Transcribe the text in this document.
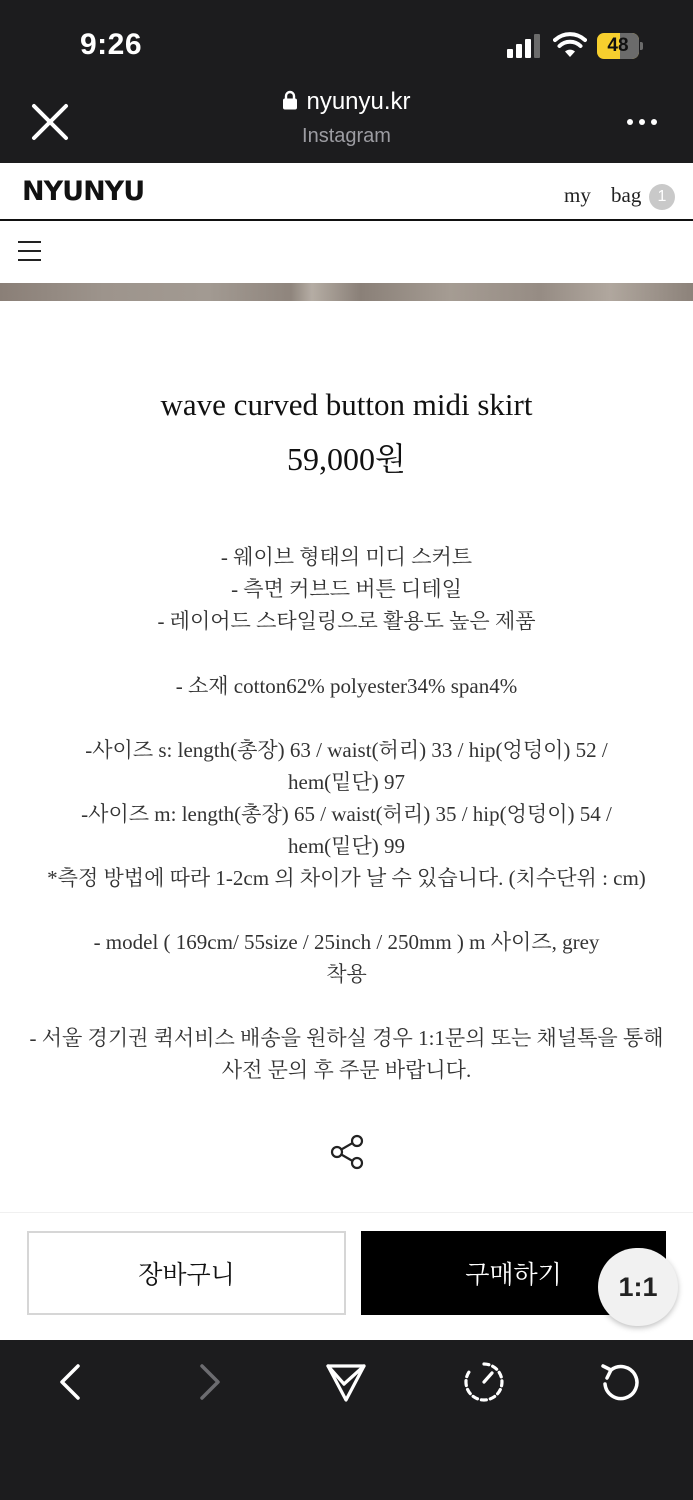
9:26	48
nyunyu.kr
Instagram
NYUNYU	my bag	1
wave curved button midi skirt
59,000원
- 웨이브 형태의 미디 스커트
- 측면 커브드 버튼 디테일
- 레이어드 스타일링으로 활용도 높은 제품
- 소재 cotton62% polyester34% span4%
-사이즈 s: length(총장) 63 / waist(허리) 33 / hip(엉덩이) 52 /
hem(밑단) 97
-사이즈 m: length(총장) 65 / waist(허리) 35 / hip(엉덩이) 54 /
hem(밑단) 99
*측정 방법에 따라 1-2cm 의 차이가 날 수 있습니다. (치수단위 : cm)
- model ( 169cm/ 55size / 25inch / 250mm ) m 사이즈, grey
착용
- 서울 경기권 퀵서비스 배송을 원하실 경우 1:1문의 또는 채널톡을 통해
사전 문의 후 주문 바랍니다.
장바구니	구매하기	1:1
